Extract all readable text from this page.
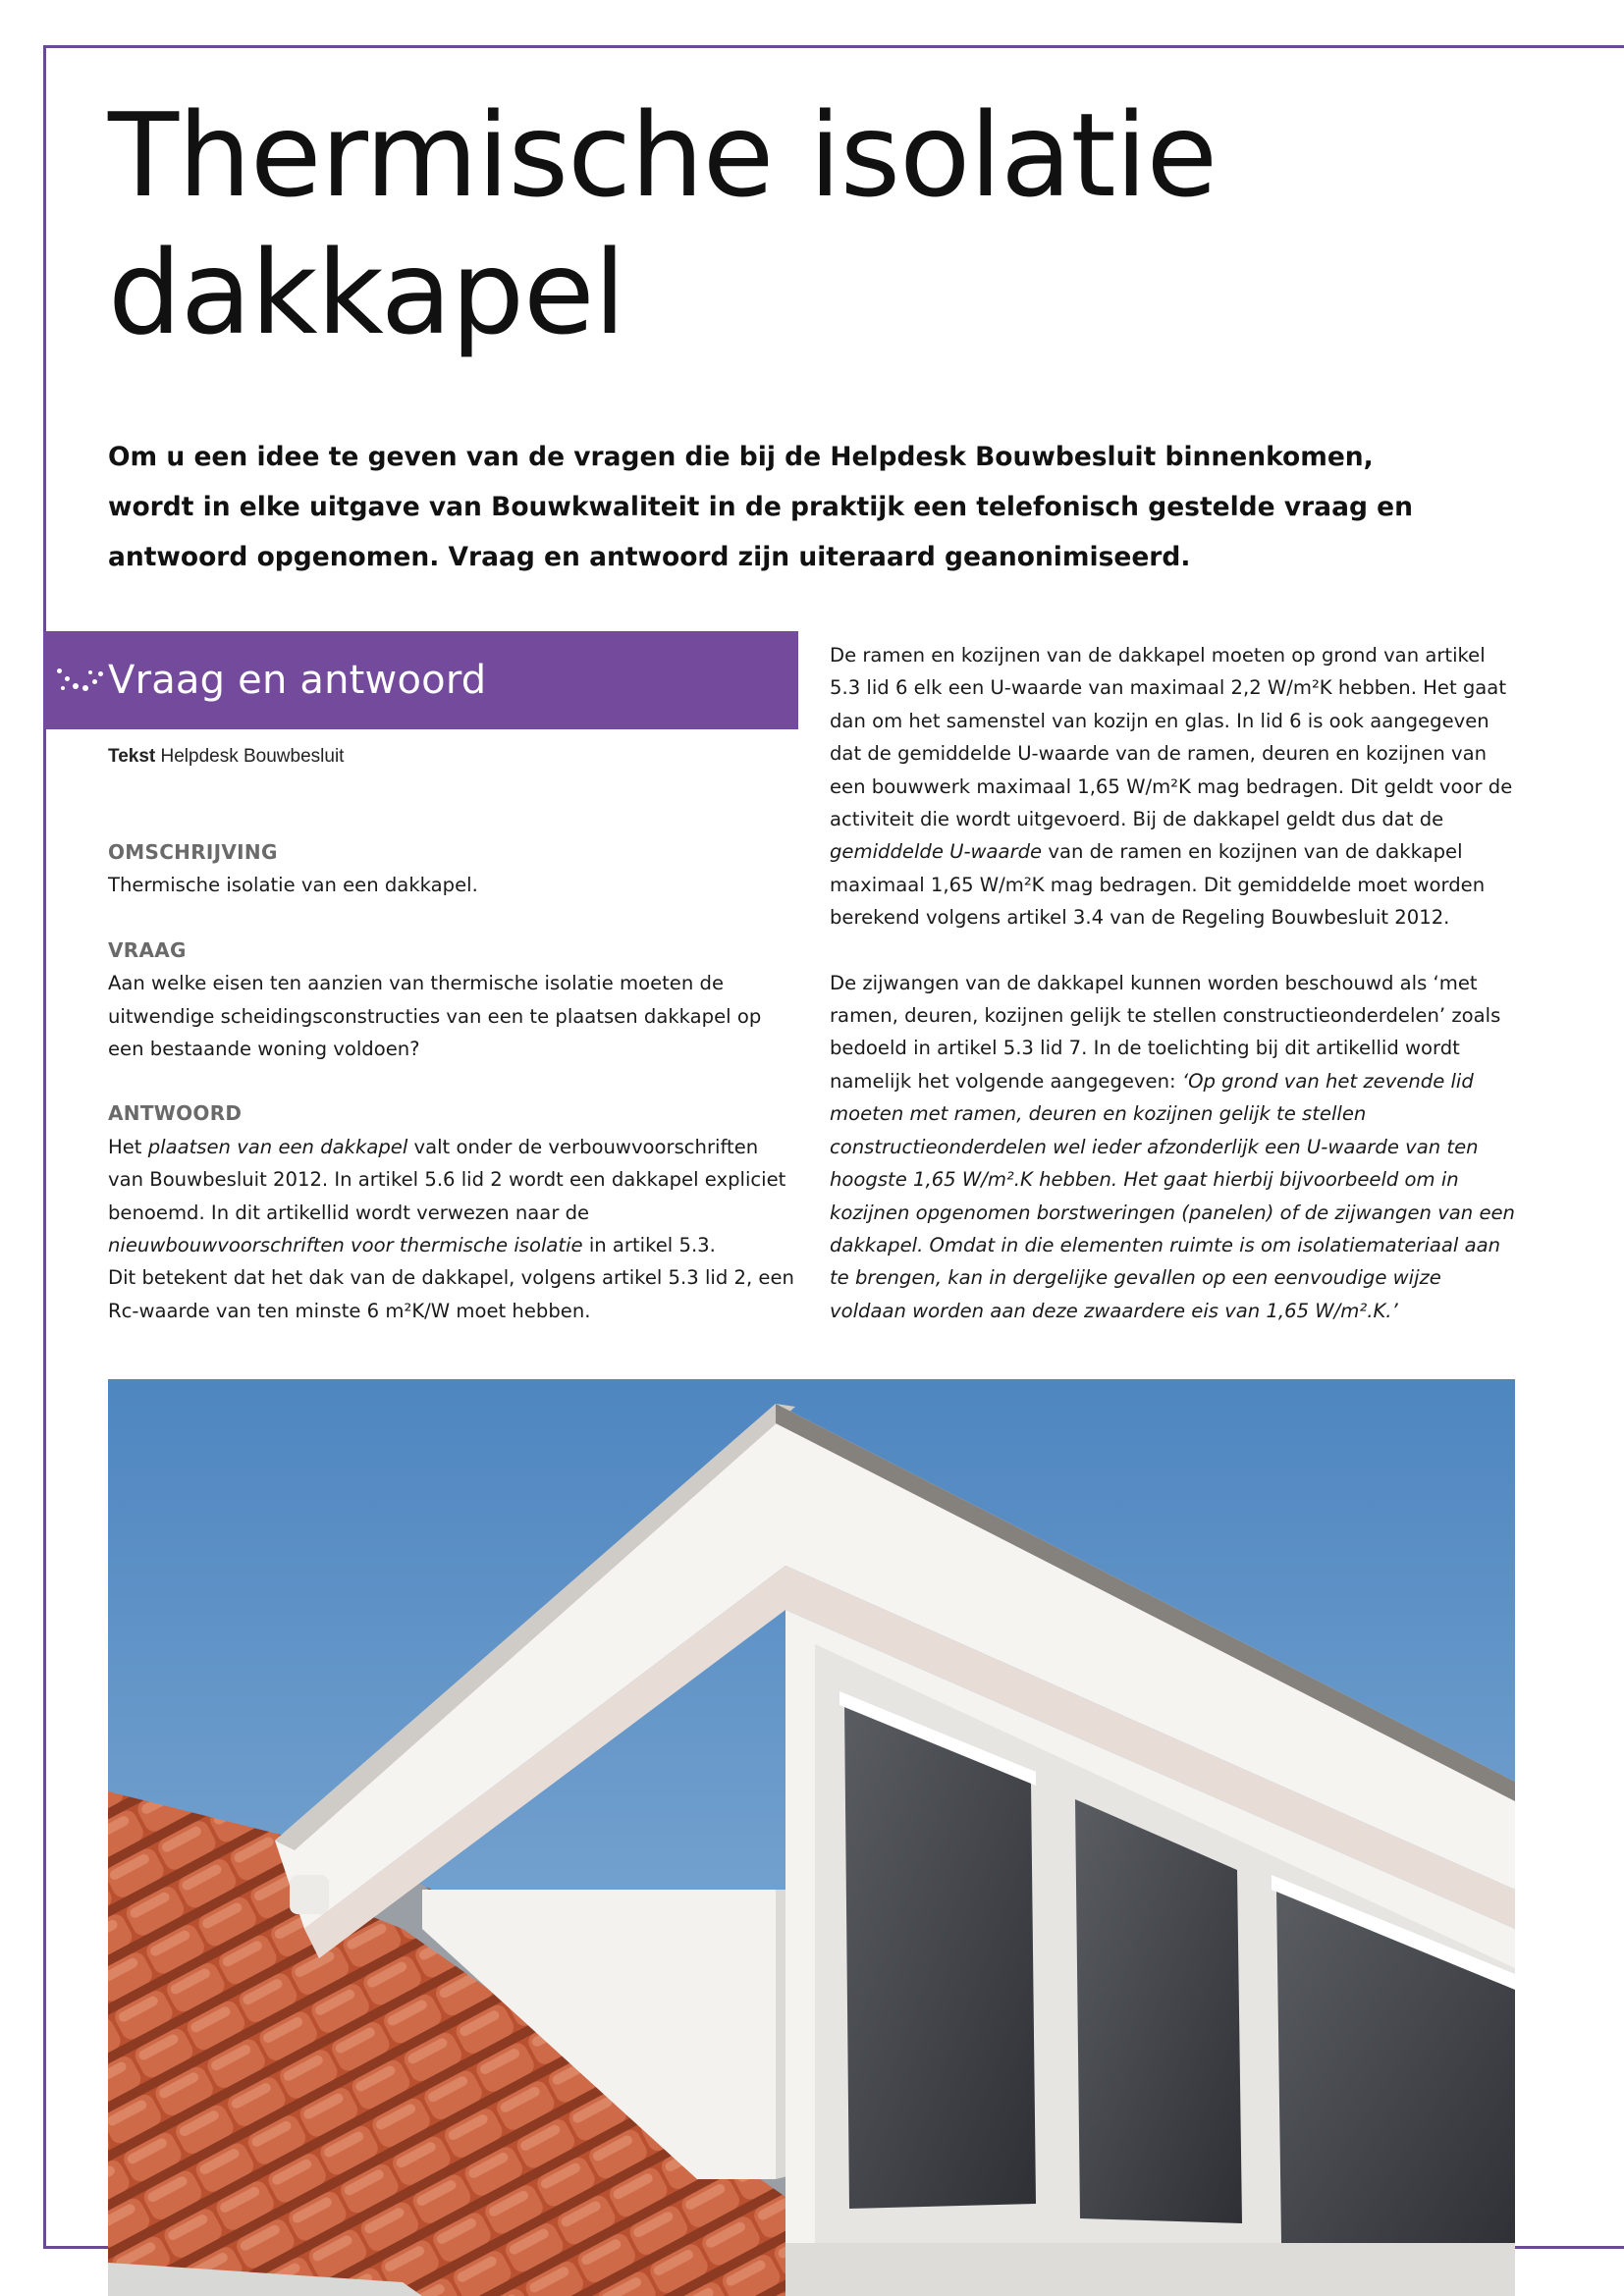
Thermische isolatie
dakkapel
Om u een idee te geven van de vragen die bij de Helpdesk Bouwbesluit binnenkomen, wordt in elke uitgave van Bouwkwaliteit in de praktijk een telefonisch gestelde vraag en antwoord opgenomen. Vraag en antwoord zijn uiteraard geanonimiseerd.
Vraag en antwoord
Tekst Helpdesk Bouwbesluit

OMSCHRIJVING

Thermische isolatie van een dakkapel.

VRAAG

Aan welke eisen ten aanzien van thermische isolatie moeten de uitwendige scheidingsconstructies van een te plaatsen dakkapel op een bestaande woning voldoen?

ANTWOORD

Het plaatsen van een dakkapel valt onder de verbouwvoorschriften van Bouwbesluit 2012. In artikel 5.6 lid 2 wordt een dakkapel expliciet benoemd. In dit artikellid wordt verwezen naar de nieuwbouwvoorschriften voor thermische isolatie in artikel 5.3.

Dit betekent dat het dak van de dakkapel, volgens artikel 5.3 lid 2, een Rc-waarde van ten minste 6 m²K/W moet hebben.

De ramen en kozijnen van de dakkapel moeten op grond van artikel 5.3 lid 6 elk een U-waarde van maximaal 2,2 W/m²K hebben. Het gaat dan om het samenstel van kozijn en glas. In lid 6 is ook aangegeven dat de gemiddelde U-waarde van de ramen, deuren en kozijnen van een bouwwerk maximaal 1,65 W/m²K mag bedragen. Dit geldt voor de activiteit die wordt uitgevoerd. Bij de dakkapel geldt dus dat de gemiddelde U-waarde van de ramen en kozijnen van de dakkapel maximaal 1,65 W/m²K mag bedragen. Dit gemiddelde moet worden berekend volgens artikel 3.4 van de Regeling Bouwbesluit 2012.

De zijwangen van de dakkapel kunnen worden beschouwd als ‘met ramen, deuren, kozijnen gelijk te stellen constructieonderdelen’ zoals bedoeld in artikel 5.3 lid 7. In de toelichting bij dit artikellid wordt namelijk het volgende aangegeven: ‘Op grond van het zevende lid moeten met ramen, deuren en kozijnen gelijk te stellen constructieonderdelen wel ieder afzonderlijk een U-waarde van ten hoogste 1,65 W/m².K hebben. Het gaat hierbij bijvoorbeeld om in kozijnen opgenomen borstweringen (panelen) of de zijwangen van een dakkapel. Omdat in die elementen ruimte is om isolatiemateriaal aan te brengen, kan in dergelijke gevallen op een eenvoudige wijze voldaan worden aan deze zwaardere eis van 1,65 W/m².K.’
